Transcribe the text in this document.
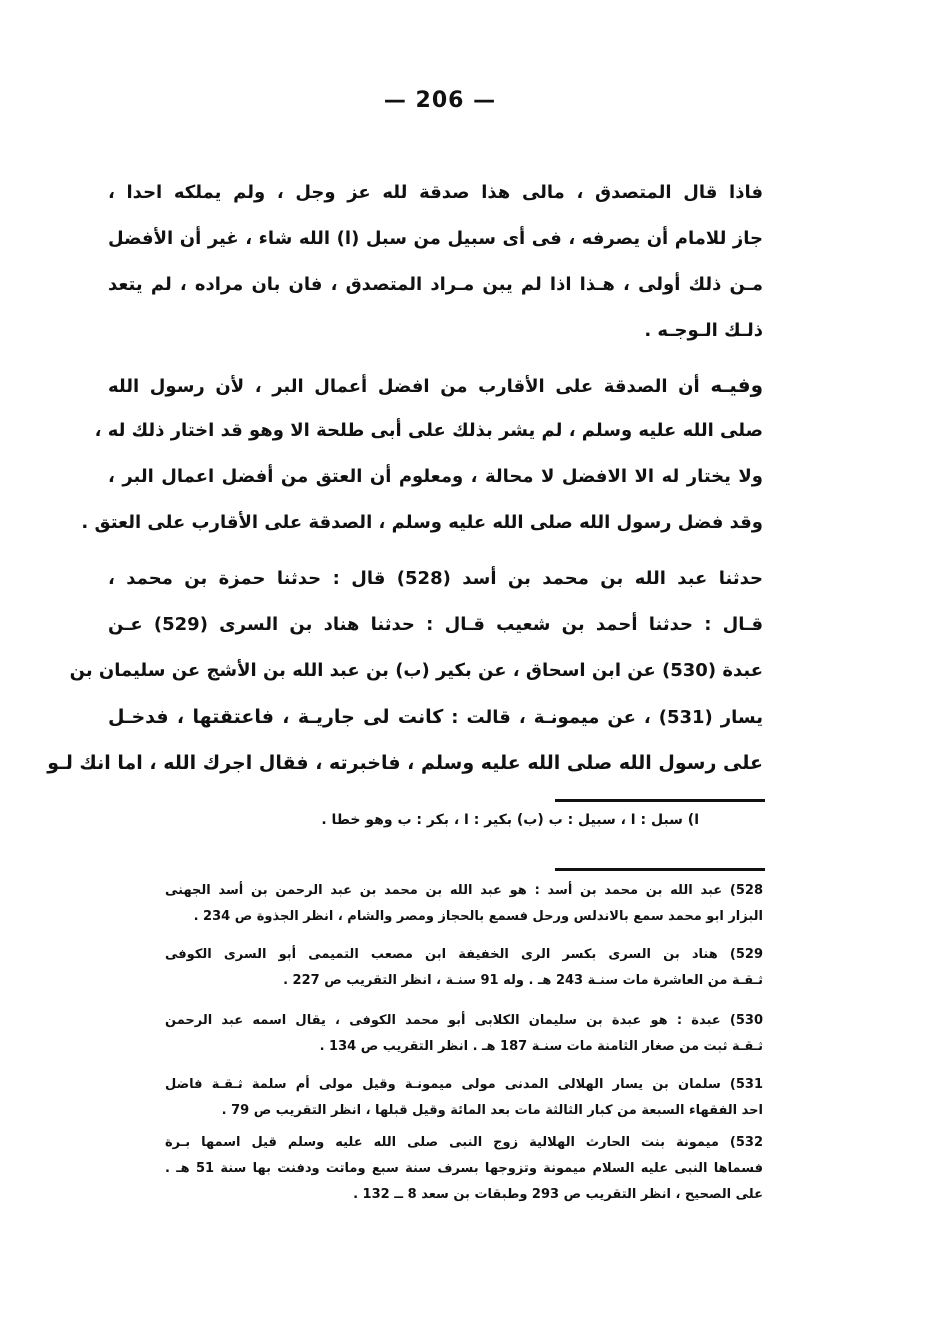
— 206 —
فاذا قال المتصدق ، مالى هذا صدقة لله عز وجل ، ولم يملكه احدا ،
جاز للامام أن يصرفه ، فى أى سبيل من سبل (ا) الله شاء ، غير أن الأفضل
مـن ذلك أولى ، هـذا اذا لم يبن مـراد المتصدق ، فان بان مراده ، لم يتعد
ذلـك الـوجـه .
وفيـه أن الصدقة على الأقارب من افضل أعمال البر ، لأن رسول الله
صلى الله عليه وسلم ، لم يشر بذلك على أبى طلحة الا وهو قد اختار ذلك له ،
ولا يختار له الا الافضل لا محالة ، ومعلوم أن العتق من أفضل اعمال البر ،
وقد فضل رسول الله صلى الله عليه وسلم ، الصدقة على الأقارب على العتق .
حدثنا عبد الله بن محمد بن أسد (528) قال : حدثنا حمزة بن محمد ،
قـال : حدثنا أحمد بن شعيب قـال : حدثنا هناد بن السرى (529) عـن
عبدة (530) عن ابن اسحاق ، عن بكير (ب) بن عبد الله بن الأشج عن سليمان بن
يسار (531) ، عن ميمونـة ، قالت : كانت لى جاريـة ، فاعتقتها ، فدخـل
على رسول الله صلى الله عليه وسلم ، فاخبرته ، فقال اجرك الله ، اما انك لـو
ا) سبل : ا ، سبيل : ب (ب) بكير : ا ، بكر : ب وهو خطا .
528) عبد الله بن محمد بن أسد : هو عبد الله بن محمد بن عبد الرحمن بن أسد الجهنى
البزار ابو محمد سمع بالاندلس ورحل فسمع بالحجاز ومصر والشام ، انظر الجذوة ص 234 .
529) هناد بن السرى بكسر الرى الخفيفة ابن مصعب التميمى أبو السرى الكوفى
ثـقـة من العاشرة مات سنـة 243 هـ . وله 91 سنـة ، انظر التقريب ص 227 .
530) عبدة : هو عبدة بن سليمان الكلابى أبو محمد الكوفى ، يقال اسمه عبد الرحمن
ثـقـة ثبت من صغار الثامنة مات سنـة 187 هـ . انظر التقريب ص 134 .
531) سلمان بن يسار الهلالى المدنى مولى ميمونـة وقيل مولى أم سلمة ثـقـة فاضل
احد الفقهاء السبعة من كبار الثالثة مات بعد المائة وقيل قبلها ، انظر التقريب ص 79 .
532) ميمونة بنت الحارث الهلالية زوج النبى صلى الله عليه وسلم قيل اسمها بـرة
فسماها النبى عليه السلام ميمونة وتزوجها بسرف سنة سبع وماتت ودفنت بها سنة 51 هـ .
على الصحيح ، انظر التقريب ص 293 وطبقات بن سعد 8 ــ 132 .
